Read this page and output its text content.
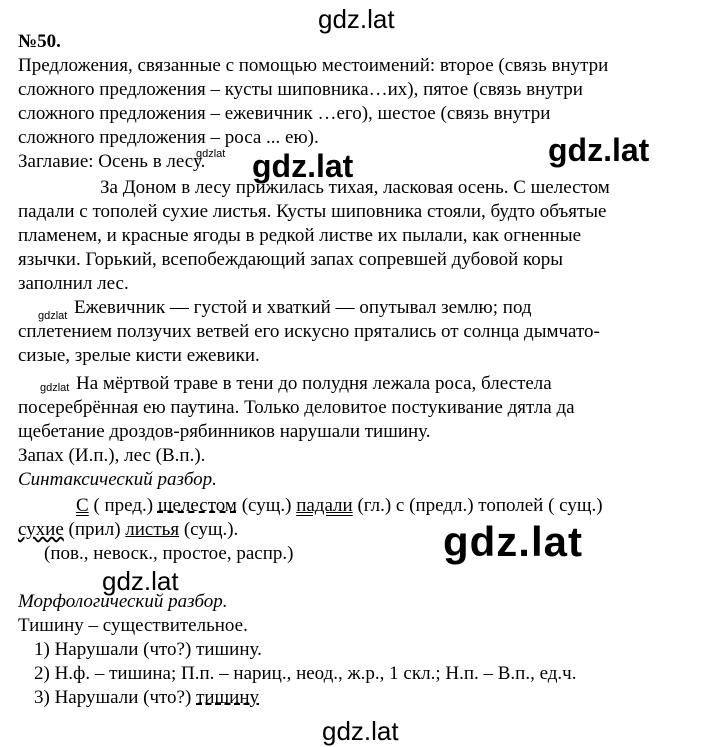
gdz.lat
gdz.lat	gdz.lat
gdz.lat
gdz.lat
gdz.lat
gdzlat
gdzlat
gdzlat
№50.
Предложения, связанные с помощью местоимений: второе (связь внутри
сложного предложения – кусты шиповника…их), пятое (связь внутри
сложного предложения – ежевичник …его), шестое (связь внутри
сложного предложения – роса ... ею).
Заглавие: Осень в лесу.
За Доном в лесу прижилась тихая, ласковая осень. С шелестом
падали с тополей сухие листья. Кусты шиповника стояли, будто объятые
пламенем, и красные ягоды в редкой листве их пылали, как огненные
язычки. Горький, всепобеждающий запах сопревшей дубовой коры
заполнил лес.
Ежевичник — густой и хваткий — опутывал землю; под
сплетением ползучих ветвей его искусно прятались от солнца дымчато-
сизые, зрелые кисти ежевики.
На мёртвой траве в тени до полудня лежала роса, блестела
посеребрённая ею паутина. Только деловитое постукивание дятла да
щебетание дроздов-рябинников нарушали тишину.
Запах (И.п.), лес (В.п.).
Синтаксический разбор.
С ( пред.) шелестом (сущ.) падали (гл.) с (предл.) тополей ( сущ.)
сухие (прил) листья (сущ.).
(пов., невоск., простое, распр.)
Морфологический разбор.
Тишину – существительное.
1) Нарушали (что?) тишину.
2) Н.ф. – тишина; П.п. – нариц., неод., ж.р., 1 скл.; Н.п. – В.п., ед.ч.
3) Нарушали (что?) тишину
